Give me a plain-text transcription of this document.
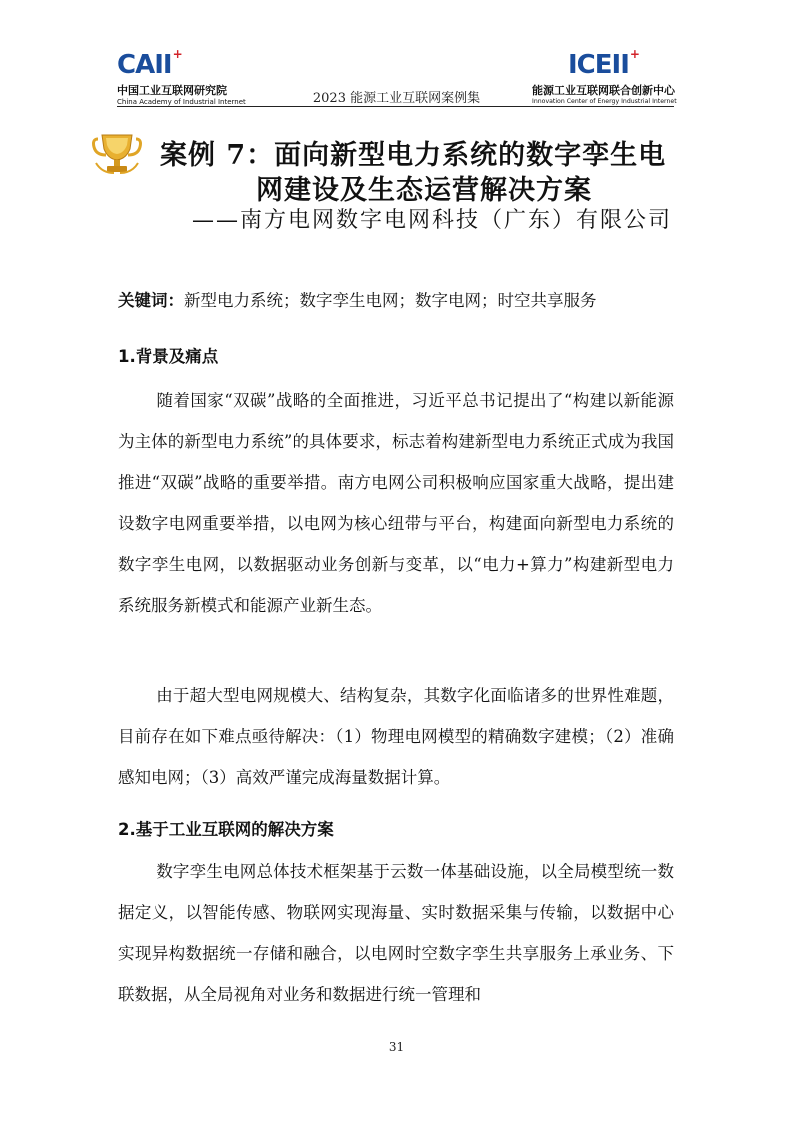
CAII +
中国工业互联网研究院
China Academy of Industrial Internet	2023 能源工业互联网案例集
ICEII +
能源工业互联网联合创新中心
Innovation Center of Energy Industrial Internet
案例 7：面向新型电力系统的数字孪生电
网建设及生态运营解决方案
——南方电网数字电网科技（广东）有限公司
关键词：新型电力系统；数字孪生电网；数字电网；时空共享服务
1.背景及痛点

随着国家“双碳”战略的全面推进，习近平总书记提出了“构建以新能源为主体的新型电力系统”的具体要求，标志着构建新型电力系统正式成为我国推进“双碳”战略的重要举措。南方电网公司积极响应国家重大战略，提出建设数字电网重要举措，以电网为核心纽带与平台，构建面向新型电力系统的数字孪生电网，以数据驱动业务创新与变革，以“电力+算力”构建新型电力系统服务新模式和能源产业新生态。

由于超大型电网规模大、结构复杂，其数字化面临诸多的世界性难题，目前存在如下难点亟待解决：（1）物理电网模型的精确数字建模；（2）准确感知电网；（3）高效严谨完成海量数据计算。

2.基于工业互联网的解决方案

数字孪生电网总体技术框架基于云数一体基础设施，以全局模型统一数据定义，以智能传感、物联网实现海量、实时数据采集与传输，以数据中心实现异构数据统一存储和融合，以电网时空数字孪生共享服务上承业务、下联数据，从全局视角对业务和数据进行统一管理和

31
